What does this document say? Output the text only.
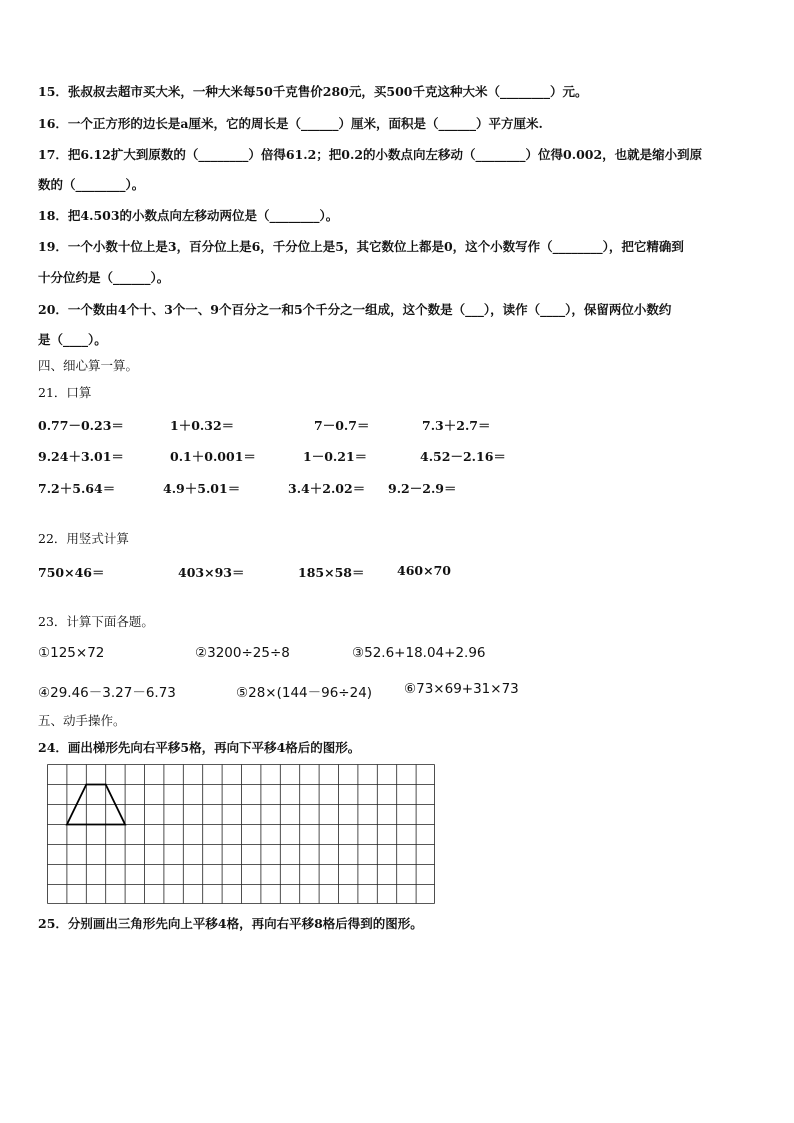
15．张叔叔去超市买大米，一种大米每50千克售价280元，买500千克这种大米（________）元。
16．一个正方形的边长是a厘米，它的周长是（______）厘米，面积是（______）平方厘米.
17．把6.12扩大到原数的（________）倍得61.2；把0.2的小数点向左移动（________）位得0.002，也就是缩小到原
数的（________）。
18．把4.503的小数点向左移动两位是（________）。
19．一个小数十位上是3，百分位上是6，千分位上是5，其它数位上都是0，这个小数写作（________），把它精确到
十分位约是（______）。
20．一个数由4个十、3个一、9个百分之一和5个千分之一组成，这个数是（___），读作（____），保留两位小数约
是（____）。
四、细心算一算。
21．口算
0.77－0.23＝	1＋0.32＝	7－0.7＝	7.3＋2.7＝
9.24＋3.01＝	0.1＋0.001＝	1－0.21＝	4.52－2.16＝
7.2＋5.64＝	4.9＋5.01＝	3.4＋2.02＝ 9.2－2.9＝
22．用竖式计算
750×46＝	403×93＝	185×58＝	460×70
23．计算下面各题。
①125×72	②3200÷25÷8	③52.6+18.04+2.96
④29.46－3.27－6.73	⑤28×(144－96÷24) ⑥73×69+31×73
五、动手操作。
24．画出梯形先向右平移5格，再向下平移4格后的图形。
25．分别画出三角形先向上平移4格，再向右平移8格后得到的图形。
